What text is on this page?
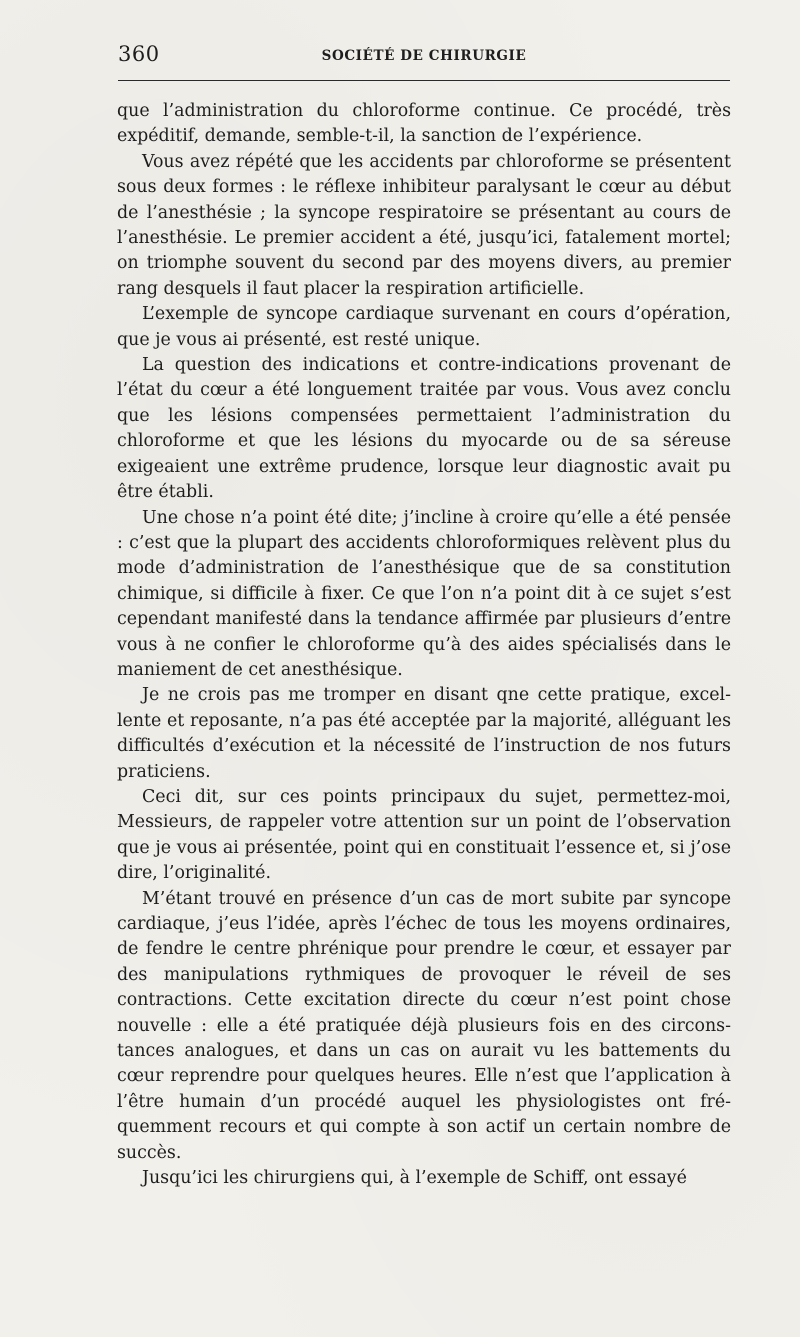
360	SOCIÉTÉ DE CHIRURGIE

que l’administration du chloroforme continue. Ce procédé, très expéditif, demande, semble-t-il, la sanction de l’expérience.

Vous avez répété que les accidents par chloroforme se présentent sous deux formes : le réflexe inhibiteur paralysant le cœur au début de l’anesthésie ; la syncope respiratoire se présentant au cours de l’anesthésie. Le premier accident a été, jusqu’ici, fatalement mortel; on triomphe souvent du second par des moyens divers, au premier rang desquels il faut placer la respiration artificielle.

L’exemple de syncope cardiaque survenant en cours d’opération, que je vous ai présenté, est resté unique.

La question des indications et contre-indications provenant de l’état du cœur a été longuement traitée par vous. Vous avez conclu que les lésions compensées permettaient l’administration du chloroforme et que les lésions du myocarde ou de sa séreuse exigeaient une extrême prudence, lorsque leur diagnostic avait pu être établi.

Une chose n’a point été dite; j’incline à croire qu’elle a été pensée : c’est que la plupart des accidents chloroformiques relèvent plus du mode d’administration de l’anesthésique que de sa constitution chimique, si difficile à fixer. Ce que l’on n’a point dit à ce sujet s’est cependant manifesté dans la tendance affirmée par plusieurs d’entre vous à ne confier le chloroforme qu’à des aides spécialisés dans le maniement de cet anesthésique.

Je ne crois pas me tromper en disant qne cette pratique, excellente et reposante, n’a pas été acceptée par la majorité, alléguant les difficultés d’exécution et la nécessité de l’instruction de nos futurs praticiens.

Ceci dit, sur ces points principaux du sujet, permettez-moi, Messieurs, de rappeler votre attention sur un point de l’observation que je vous ai présentée, point qui en constituait l’essence et, si j’ose dire, l’originalité.

M’étant trouvé en présence d’un cas de mort subite par syncope cardiaque, j’eus l’idée, après l’échec de tous les moyens ordinaires, de fendre le centre phrénique pour prendre le cœur, et essayer par des manipulations rythmiques de provoquer le réveil de ses contractions. Cette excitation directe du cœur n’est point chose nouvelle : elle a été pratiquée déjà plusieurs fois en des circonstances analogues, et dans un cas on aurait vu les battements du cœur reprendre pour quelques heures. Elle n’est que l’application à l’être humain d’un procédé auquel les physiologistes ont fréquemment recours et qui compte à son actif un certain nombre de succès.

Jusqu’ici les chirurgiens qui, à l’exemple de Schiff, ont essayé
